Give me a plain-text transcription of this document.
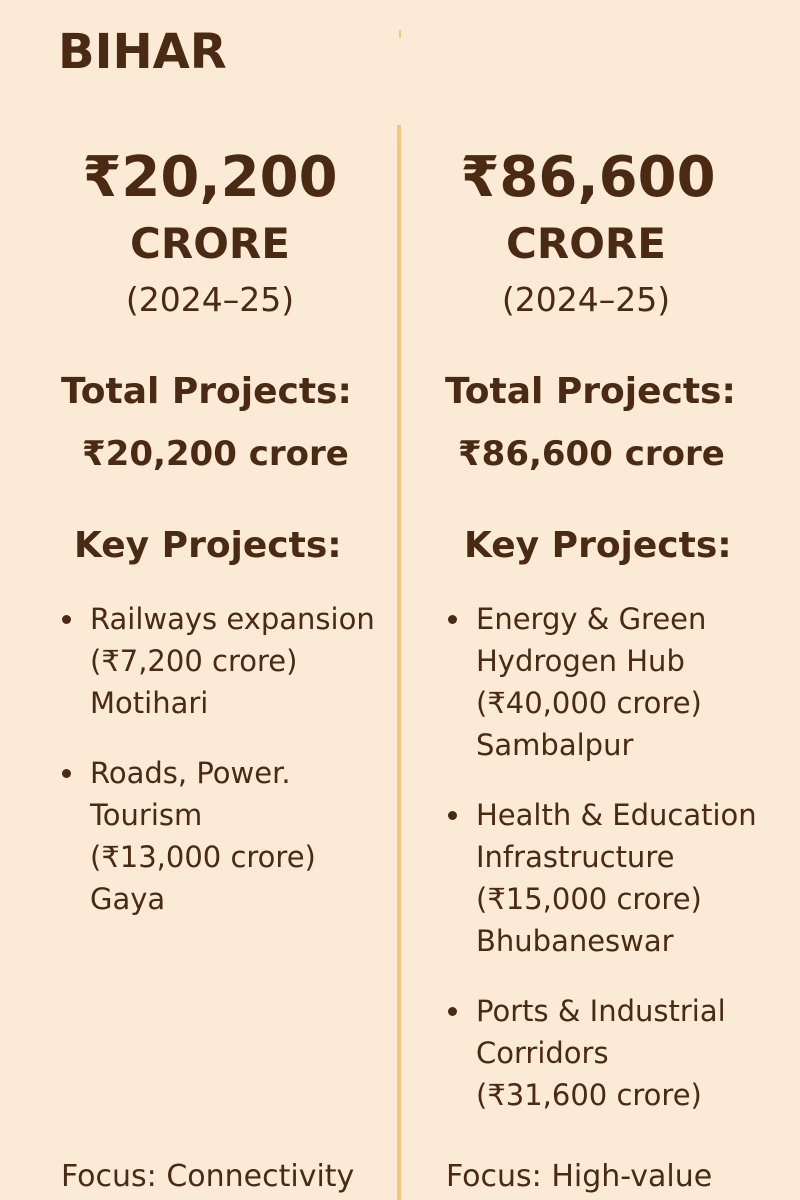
BIHAR
₹20,200
CRORE
(2024–25)
Total Projects:
₹20,200 crore
Key Projects:
Railways expansion
(₹7,200 crore)
Motihari
Roads, Power.
Tourism
(₹13,000 crore)
Gaya
Focus: Connectivity
₹86,600
CRORE
(2024–25)
Total Projects:
₹86,600 crore
Key Projects:
Energy & Green
Hydrogen Hub
(₹40,000 crore)
Sambalpur
Health & Education
Infrastructure
(₹15,000 crore)
Bhubaneswar
Ports & Industrial
Corridors
(₹31,600 crore)
Focus: High-value
